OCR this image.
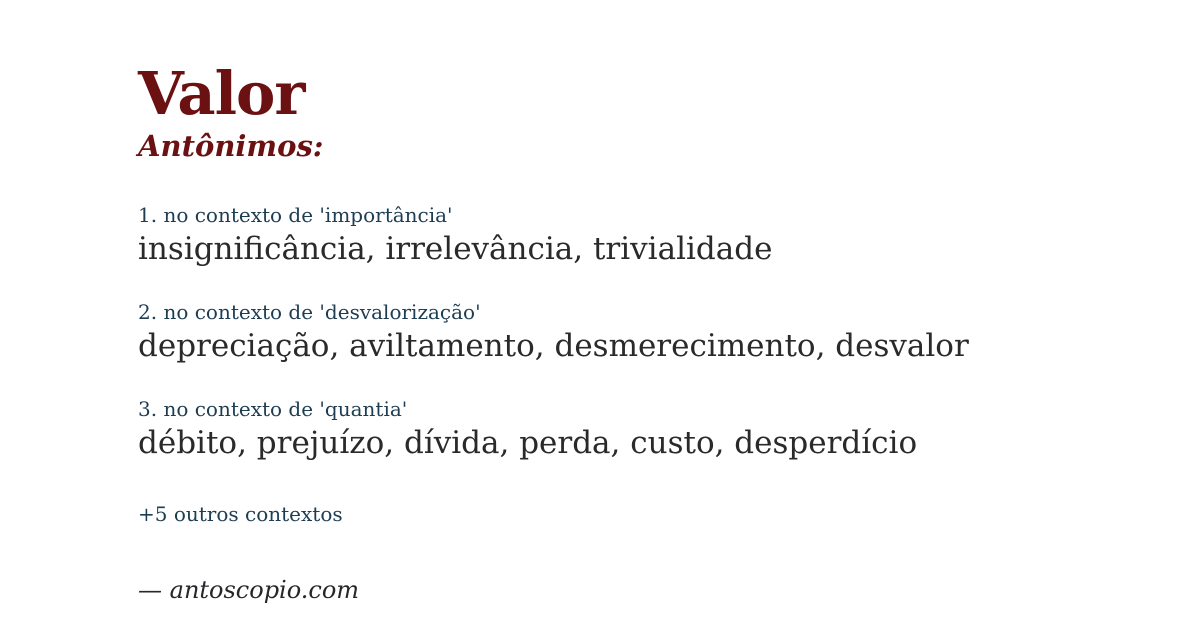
Valor
Antônimos:
1. no contexto de 'importância'
insignificância, irrelevância, trivialidade
2. no contexto de 'desvalorização'
depreciação, aviltamento, desmerecimento, desvalor
3. no contexto de 'quantia'
débito, prejuízo, dívida, perda, custo, desperdício
+5 outros contextos
— antoscopio.com
